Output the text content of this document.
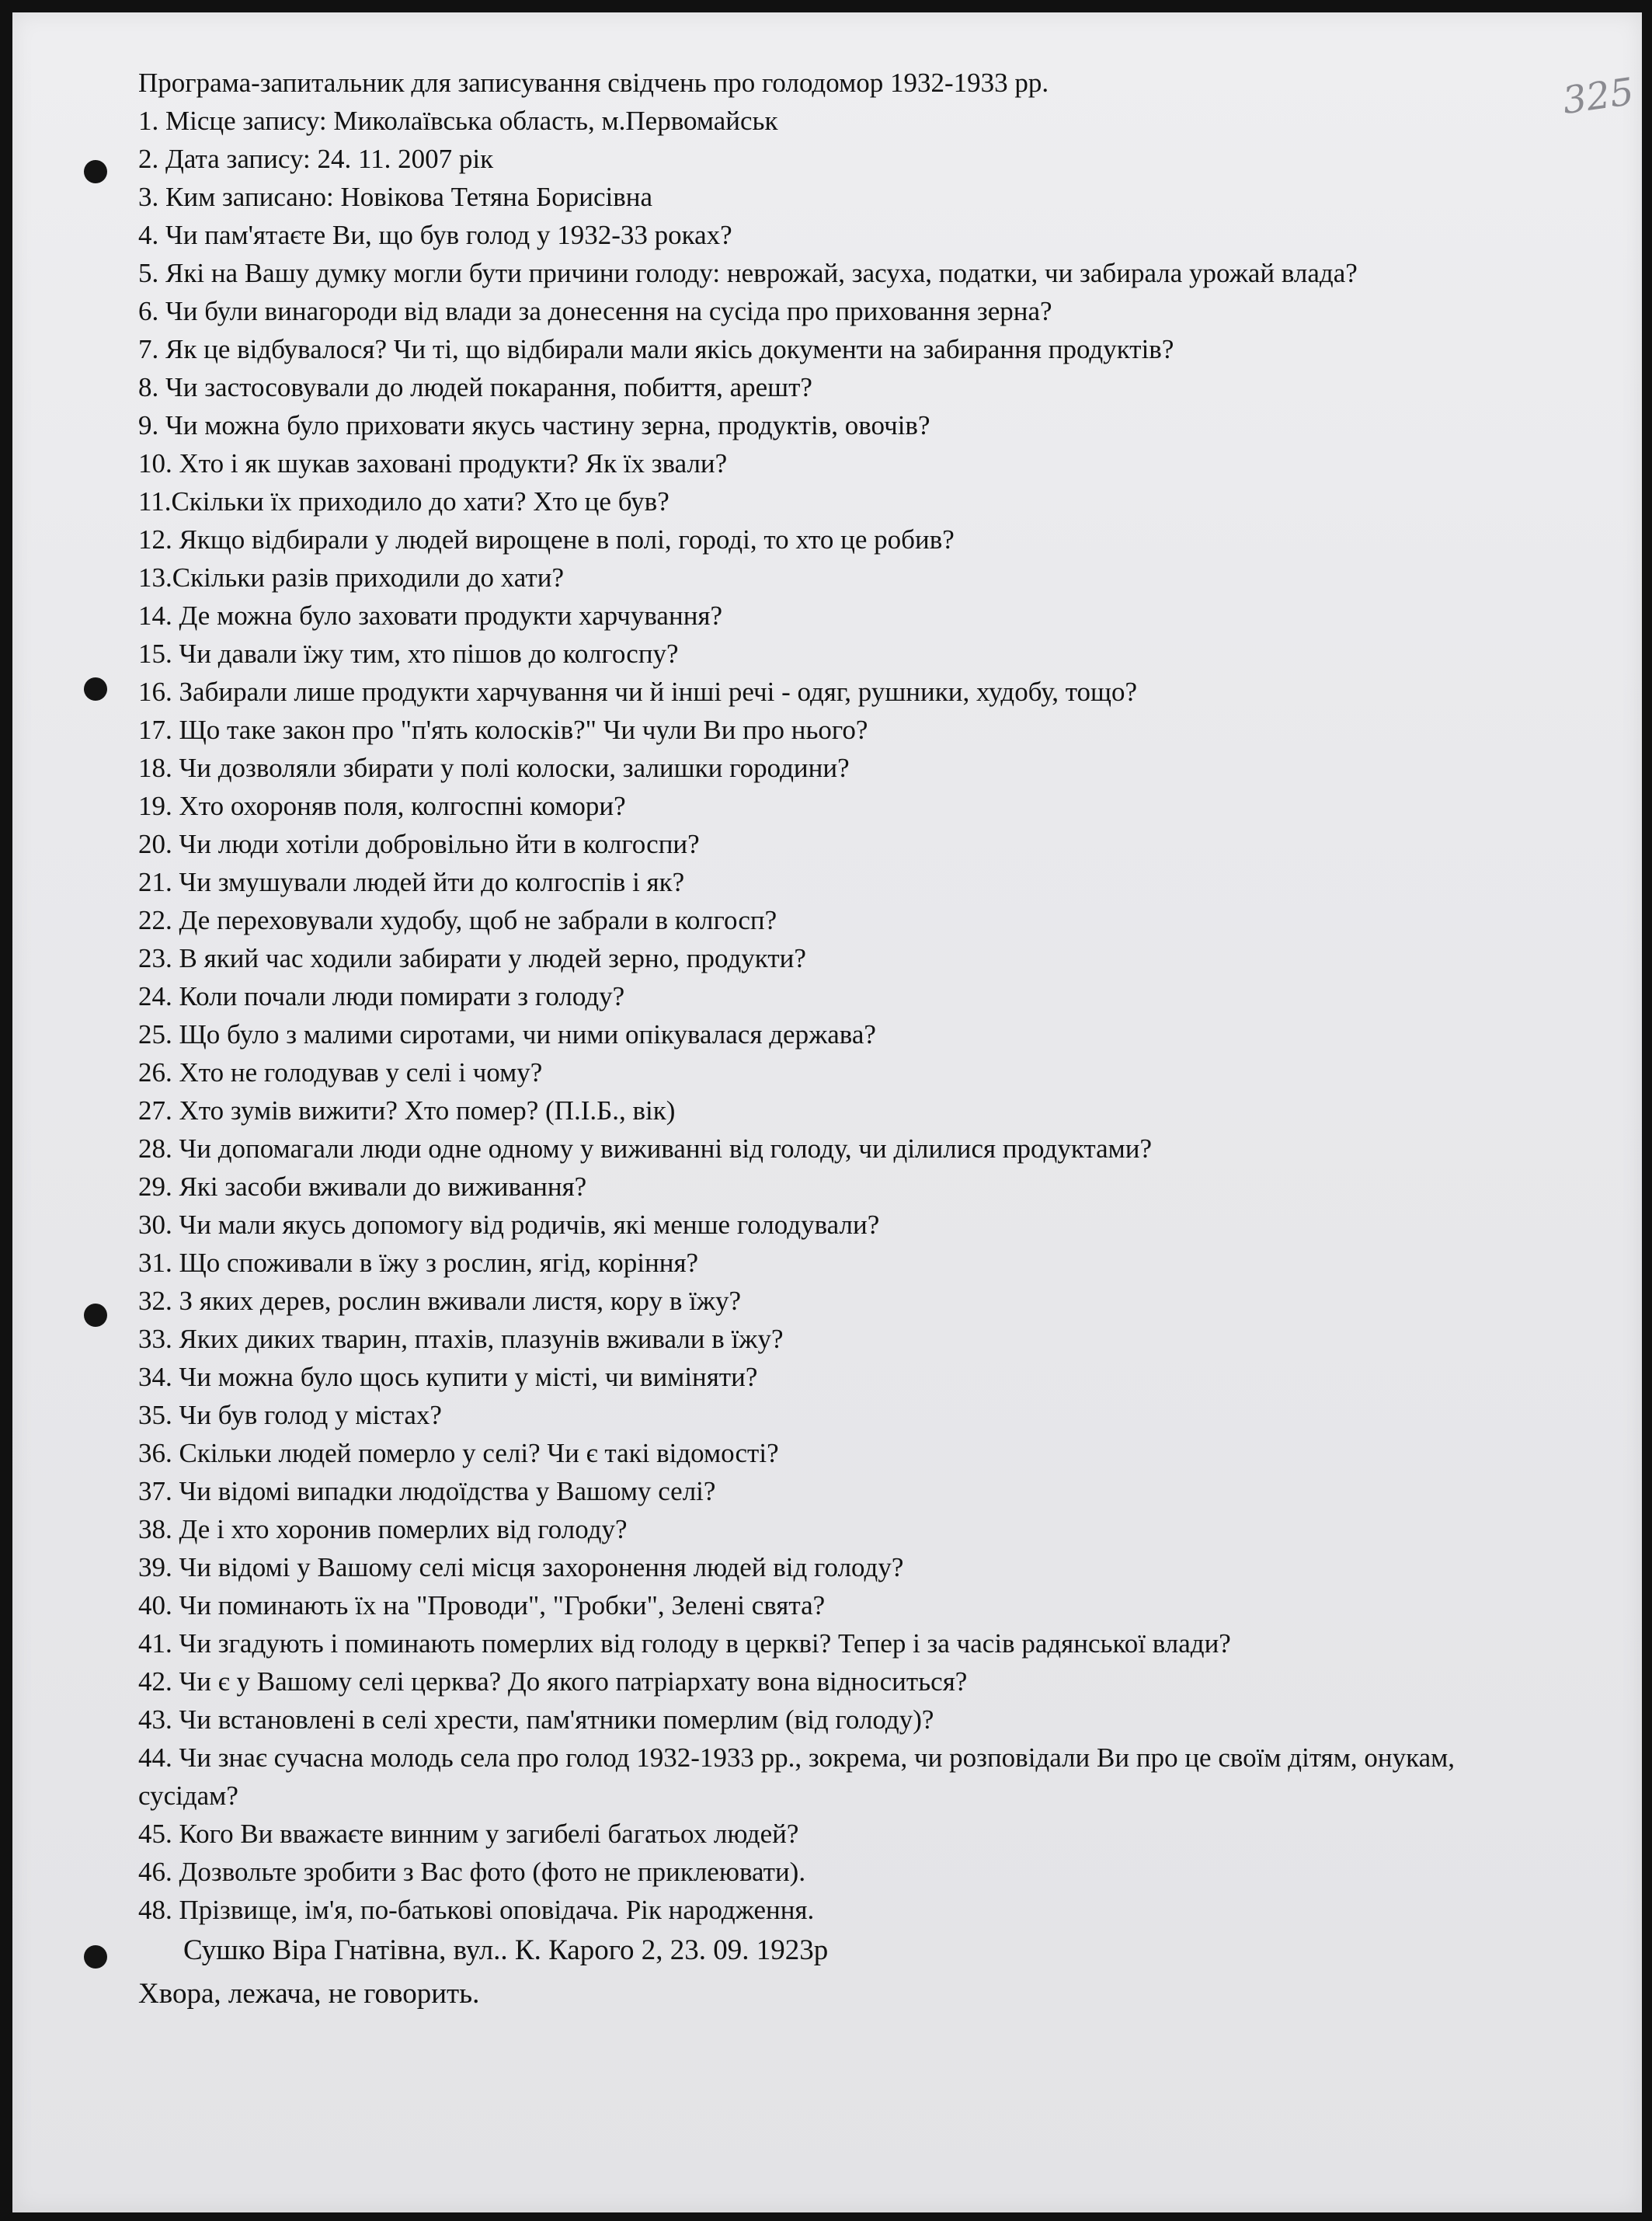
325

Програма-запитальник для записування свідчень про голодомор 1932-1933 рр.

1. Місце запису: Миколаївська область, м.Первомайськ

2. Дата запису: 24. 11. 2007 рік

3. Ким записано: Новікова Тетяна Борисівна

4. Чи пам'ятаєте Ви, що був голод у 1932-33 роках?

5. Які на Вашу думку могли бути причини голоду: неврожай, засуха, податки, чи забирала урожай влада?

6. Чи були винагороди від влади за донесення на сусіда про приховання зерна?

7. Як це відбувалося? Чи ті, що відбирали мали якісь документи на забирання продуктів?

8. Чи застосовували до людей покарання, побиття, арешт?

9. Чи можна було приховати якусь частину зерна, продуктів, овочів?

10. Хто і як шукав заховані продукти? Як їх звали?

11.Скільки їх приходило до хати? Хто це був?

12. Якщо відбирали у людей вирощене в полі, городі, то хто це робив?

13.Скільки разів приходили до хати?

14. Де можна було заховати продукти харчування?

15. Чи давали їжу тим, хто пішов до колгоспу?

16. Забирали лише продукти харчування чи й інші речі - одяг, рушники, худобу, тощо?

17. Що таке закон про "п'ять колосків?" Чи чули Ви про нього?

18. Чи дозволяли збирати у полі колоски, залишки городини?

19. Хто охороняв поля, колгоспні комори?

20. Чи люди хотіли добровільно йти в колгоспи?

21. Чи змушували людей йти до колгоспів і як?

22. Де переховували худобу, щоб не забрали в колгосп?

23. В який час ходили забирати у людей зерно, продукти?

24. Коли почали люди помирати з голоду?

25. Що було з малими сиротами, чи ними опікувалася держава?

26. Хто не голодував у селі і чому?

27. Хто зумів вижити? Хто помер? (П.І.Б., вік)

28. Чи допомагали люди одне одному у виживанні від голоду, чи ділилися продуктами?

29. Які засоби вживали до виживання?

30. Чи мали якусь допомогу від родичів, які менше голодували?

31. Що споживали в їжу з рослин, ягід, коріння?

32. З яких дерев, рослин вживали листя, кору в їжу?

33. Яких диких тварин, птахів, плазунів вживали в їжу?

34. Чи можна було щось купити у місті, чи виміняти?

35. Чи був голод у містах?

36. Скільки людей померло у селі? Чи є такі відомості?

37. Чи відомі випадки людоїдства у Вашому селі?

38. Де і хто хоронив померлих від голоду?

39. Чи відомі у Вашому селі місця захоронення людей від голоду?

40. Чи поминають їх на "Проводи", "Гробки", Зелені свята?

41. Чи згадують і поминають померлих від голоду в церкві? Тепер і за часів радянської влади?

42. Чи є у Вашому селі церква? До якого патріархату вона відноситься?

43. Чи встановлені в селі хрести, пам'ятники померлим (від голоду)?

44. Чи знає сучасна молодь села про голод 1932-1933 рр., зокрема, чи розповідали Ви про це своїм дітям, онукам, сусідам?

45. Кого Ви вважаєте винним у загибелі багатьох людей?

46. Дозвольте зробити з Вас фото (фото не приклеювати).

48. Прізвище, ім'я, по-батькові оповідача. Рік народження.

Сушко Віра Гнатівна, вул.. К. Карого 2, 23. 09. 1923р

Хвора, лежача, не говорить.
